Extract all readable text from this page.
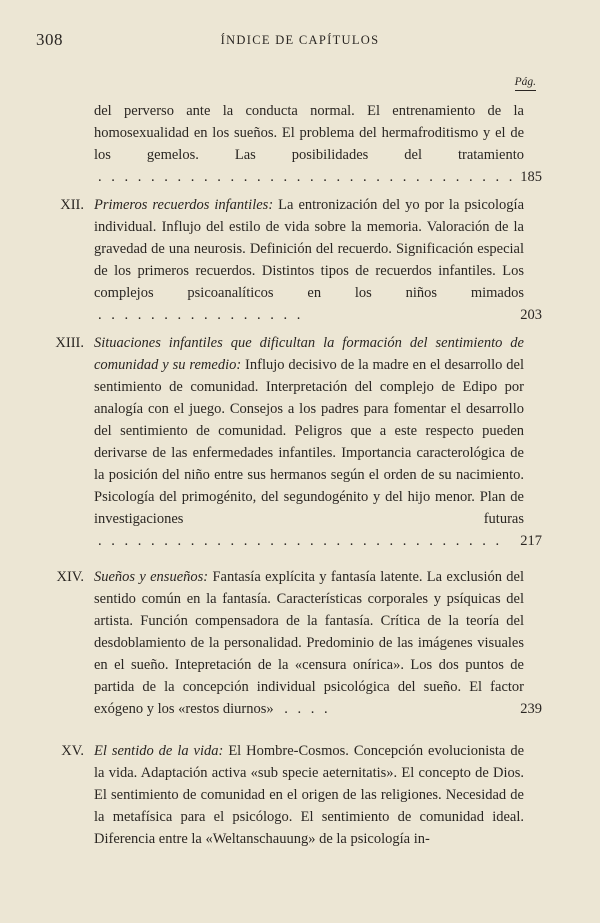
308	ÍNDICE DE CAPÍTULOS
Pág.
del perverso ante la conducta normal. El entrenamiento de la homosexualidad en los sueños. El problema del hermafroditismo y el de los gemelos. Las posibilidades del tratamiento . . . . . . . . . . . . . . . . . . . . . . . . . . . . . . . . 185
XII. Primeros recuerdos infantiles: La entronización del yo por la psicología individual. Influjo del estilo de vida sobre la memoria. Valoración de la gravedad de una neurosis. Definición del recuerdo. Significación especial de los primeros recuerdos. Distintos tipos de recuerdos infantiles. Los complejos psicoanalíticos en los niños mimados . . . . . . . . . . . . . . . .	203
XIII. Situaciones infantiles que dificultan la formación del sentimiento de comunidad y su remedio: Influjo decisivo de la madre en el desarrollo del sentimiento de comunidad. Interpretación del complejo de Edipo por analogía con el juego. Consejos a los padres para fomentar el desarrollo del sentimiento de comunidad. Peligros que a este respecto pueden derivarse de las enfermedades infantiles. Importancia caracterológica de la posición del niño entre sus hermanos según el orden de su nacimiento. Psicología del primogénito, del segundogénito y del hijo menor. Plan de investigaciones futuras . . . . . . . . . . . . . . . . . . . . . . . . . . . . . . .	217
XIV. Sueños y ensueños: Fantasía explícita y fantasía latente. La exclusión del sentido común en la fantasía. Características corporales y psíquicas del artista. Función compensadora de la fantasía. Crítica de la teoría del desdoblamiento de la personalidad. Predominio de las imágenes visuales en el sueño. Intepretación de la «censura onírica». Los dos puntos de partida de la concepción individual psicológica del sueño. El factor exógeno y los «restos diurnos» . . . .	239
XV. El sentido de la vida: El Hombre-Cosmos. Concepción evolucionista de la vida. Adaptación activa «sub specie aeternitatis». El concepto de Dios. El sentimiento de comunidad en el origen de las religiones. Necesidad de la metafísica para el psicólogo. El sentimiento de comunidad ideal. Diferencia entre la «Weltanschauung» de la psicología in-
